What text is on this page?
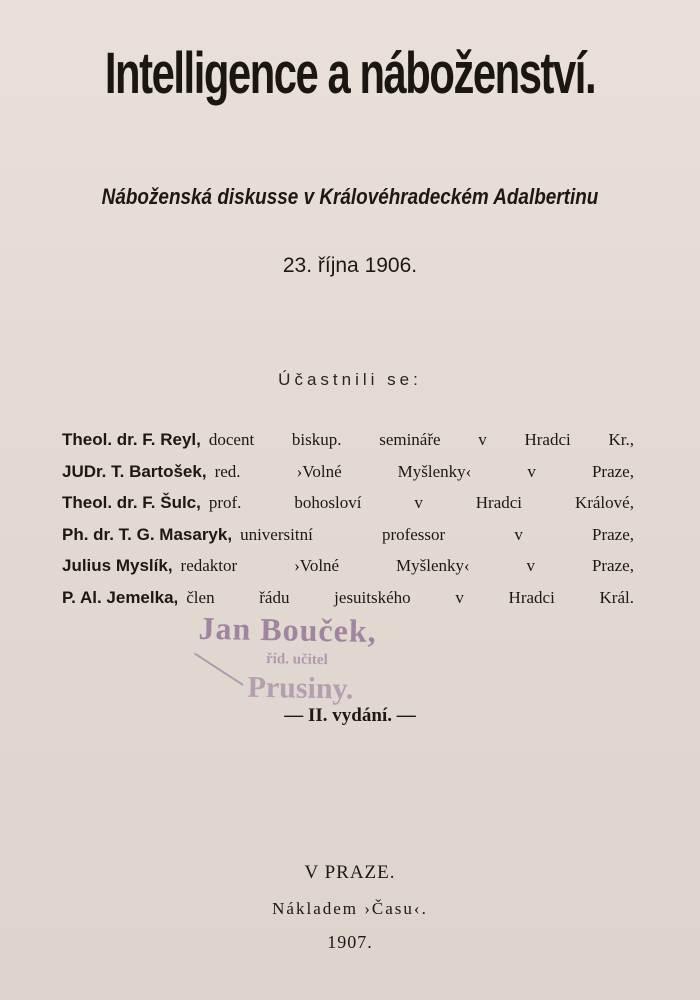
Intelligence a náboženství.
Náboženská diskusse v Královéhradeckém Adalbertinu
23. října 1906.
Účastnili se:
Theol. dr. F. Reyl, docent biskup. semináře v Hradci Kr.,
JUDr. T. Bartošek, red.	›Volné	Myšlenky‹	v	Praze,
Theol. dr. F. Šulc, prof.	bohosloví	v	Hradci	Králové,
Ph. dr. T. G. Masaryk, universitní	professor	v	Praze,
Julius Myslík, redaktor	›Volné	Myšlenky‹	v	Praze,
P. Al. Jemelka, člen	řádu	jesuitského	v	Hradci	Král.
Jan Bouček,
říd. učitel
Prusiny.
— II. vydání. —
V PRAZE.
Nákladem ›Času‹.
1907.
